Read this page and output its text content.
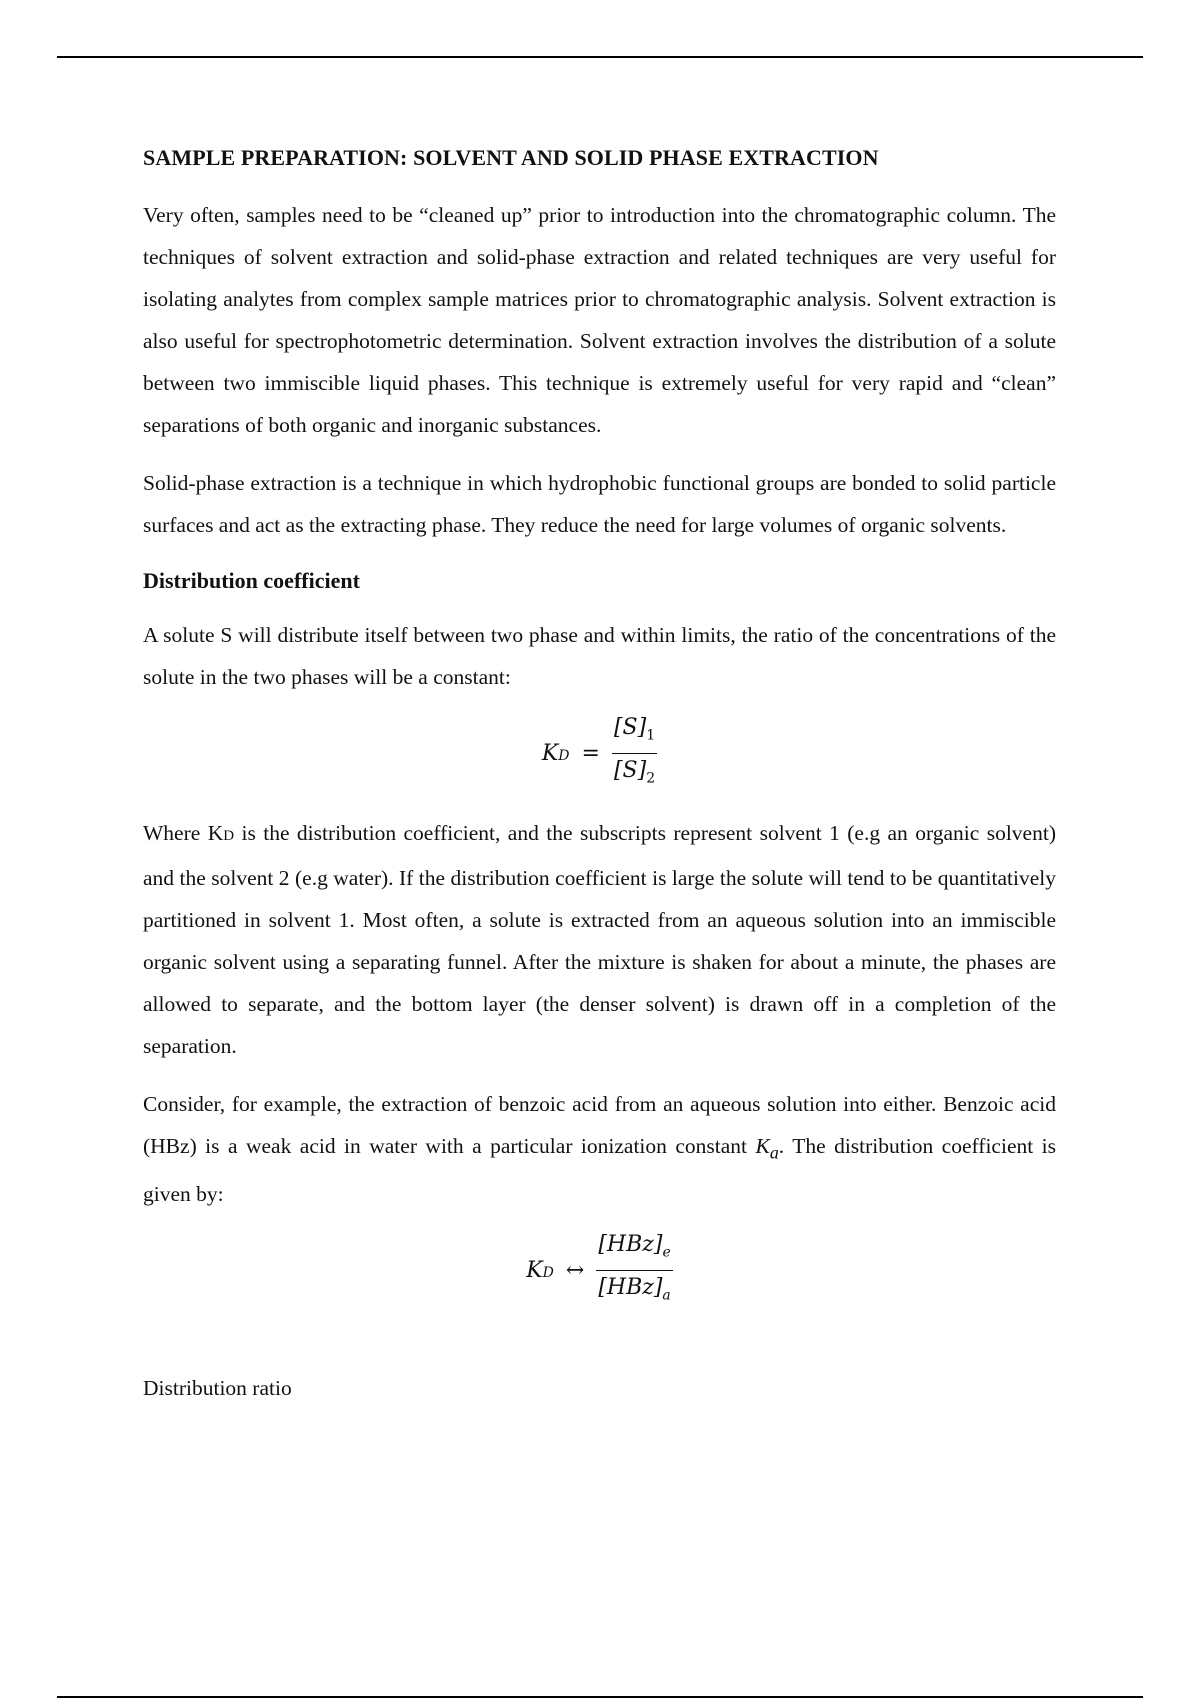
SAMPLE PREPARATION: SOLVENT AND SOLID PHASE EXTRACTION

Very often, samples need to be “cleaned up” prior to introduction into the chromatographic column. The techniques of solvent extraction and solid-phase extraction and related techniques are very useful for isolating analytes from complex sample matrices prior to chromatographic analysis. Solvent extraction is also useful for spectrophotometric determination. Solvent extraction involves the distribution of a solute between two immiscible liquid phases. This technique is extremely useful for very rapid and “clean” separations of both organic and inorganic substances.

Solid-phase extraction is a technique in which hydrophobic functional groups are bonded to solid particle surfaces and act as the extracting phase. They reduce the need for large volumes of organic solvents.

Distribution coefficient

A solute S will distribute itself between two phase and within limits, the ratio of the concentrations of the solute in the two phases will be a constant:

K $D = \frac{[S]_1}{[S]_2}$

Where KD is the distribution coefficient, and the subscripts represent solvent 1 (e.g an organic solvent) and the solvent 2 (e.g water). If the distribution coefficient is large the solute will tend to be quantitatively partitioned in solvent 1. Most often, a solute is extracted from an aqueous solution into an immiscible organic solvent using a separating funnel. After the mixture is shaken for about a minute, the phases are allowed to separate, and the bottom layer (the denser solvent) is drawn off in a completion of the separation.

Consider, for example, the extraction of benzoic acid from an aqueous solution into either. Benzoic acid (HBz) is a weak acid in water with a particular ionization constant $K_a$. The distribution coefficient is given by:

K D ↔ $\frac{[HBz]_e}{[HBz]_a}$

Distribution ratio
